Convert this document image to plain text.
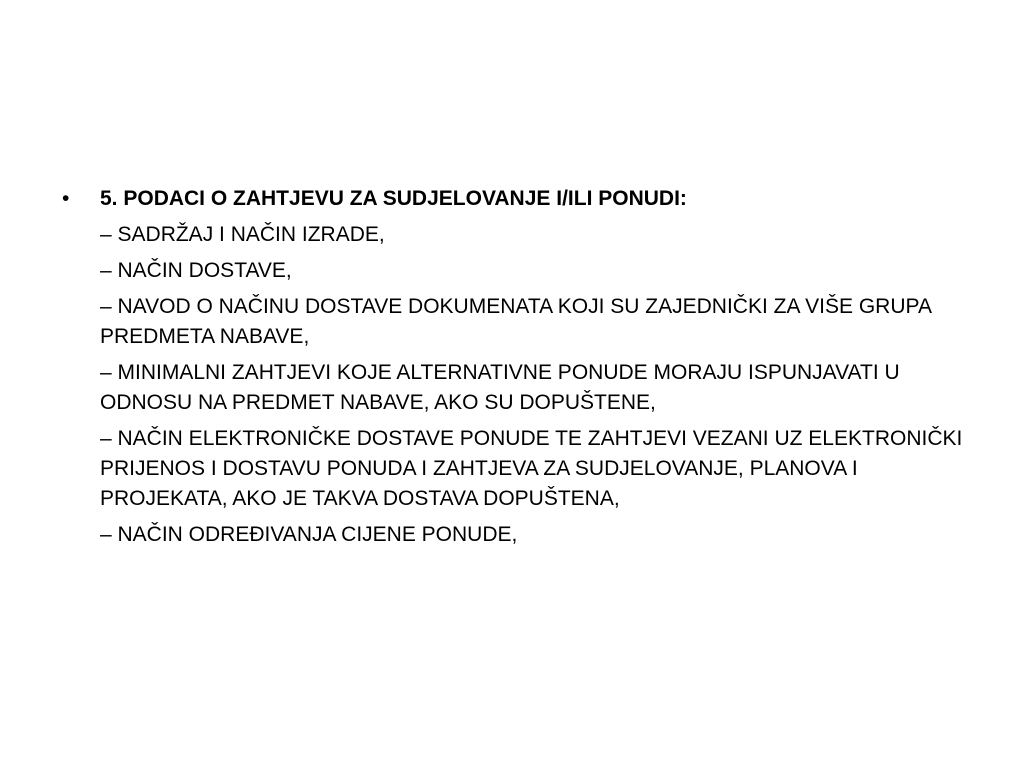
•	5. PODACI O ZAHTJEVU ZA SUDJELOVANJE I/ILI PONUDI:
– SADRŽAJ I NAČIN IZRADE,
– NAČIN DOSTAVE,
– NAVOD O NAČINU DOSTAVE DOKUMENATA KOJI SU ZAJEDNIČKI ZA VIŠE GRUPA PREDMETA NABAVE,
– MINIMALNI ZAHTJEVI KOJE ALTERNATIVNE PONUDE MORAJU ISPUNJAVATI U ODNOSU NA PREDMET NABAVE, AKO SU DOPUŠTENE,
– NAČIN ELEKTRONIČKE DOSTAVE PONUDE TE ZAHTJEVI VEZANI UZ ELEKTRONIČKI PRIJENOS I DOSTAVU PONUDA I ZAHTJEVA ZA SUDJELOVANJE, PLANOVA I PROJEKATA, AKO JE TAKVA DOSTAVA DOPUŠTENA,
– NAČIN ODREĐIVANJA CIJENE PONUDE,
